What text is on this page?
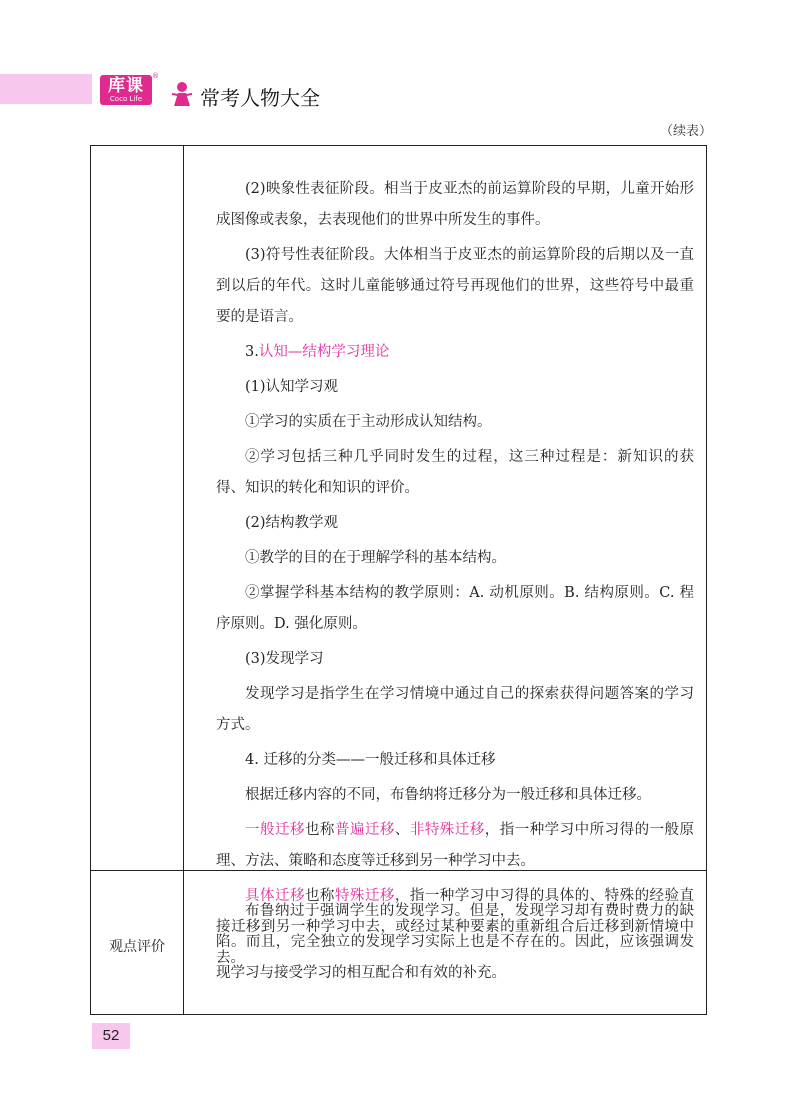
库课
Coco Life
®
常考人物大全
（续表）

(2)映象性表征阶段。相当于皮亚杰的前运算阶段的早期，儿童开始形成图像或表象，去表现他们的世界中所发生的事件。

(3)符号性表征阶段。大体相当于皮亚杰的前运算阶段的后期以及一直到以后的年代。这时儿童能够通过符号再现他们的世界，这些符号中最重要的是语言。

3.认知—结构学习理论

(1)认知学习观

①学习的实质在于主动形成认知结构。

②学习包括三种几乎同时发生的过程，这三种过程是：新知识的获得、知识的转化和知识的评价。

(2)结构教学观

①教学的目的在于理解学科的基本结构。

②掌握学科基本结构的教学原则：A. 动机原则。B. 结构原则。C. 程序原则。D. 强化原则。

(3)发现学习

发现学习是指学生在学习情境中通过自己的探索获得问题答案的学习方式。

4. 迁移的分类——一般迁移和具体迁移

根据迁移内容的不同，布鲁纳将迁移分为一般迁移和具体迁移。

一般迁移也称普遍迁移、非特殊迁移，指一种学习中所习得的一般原理、方法、策略和态度等迁移到另一种学习中去。

具体迁移也称特殊迁移，指一种学习中习得的具体的、特殊的经验直接迁移到另一种学习中去，或经过某种要素的重新组合后迁移到新情境中去。

观点评价

布鲁纳过于强调学生的发现学习。但是，发现学习却有费时费力的缺陷。而且，完全独立的发现学习实际上也是不存在的。因此，应该强调发现学习与接受学习的相互配合和有效的补充。

52
